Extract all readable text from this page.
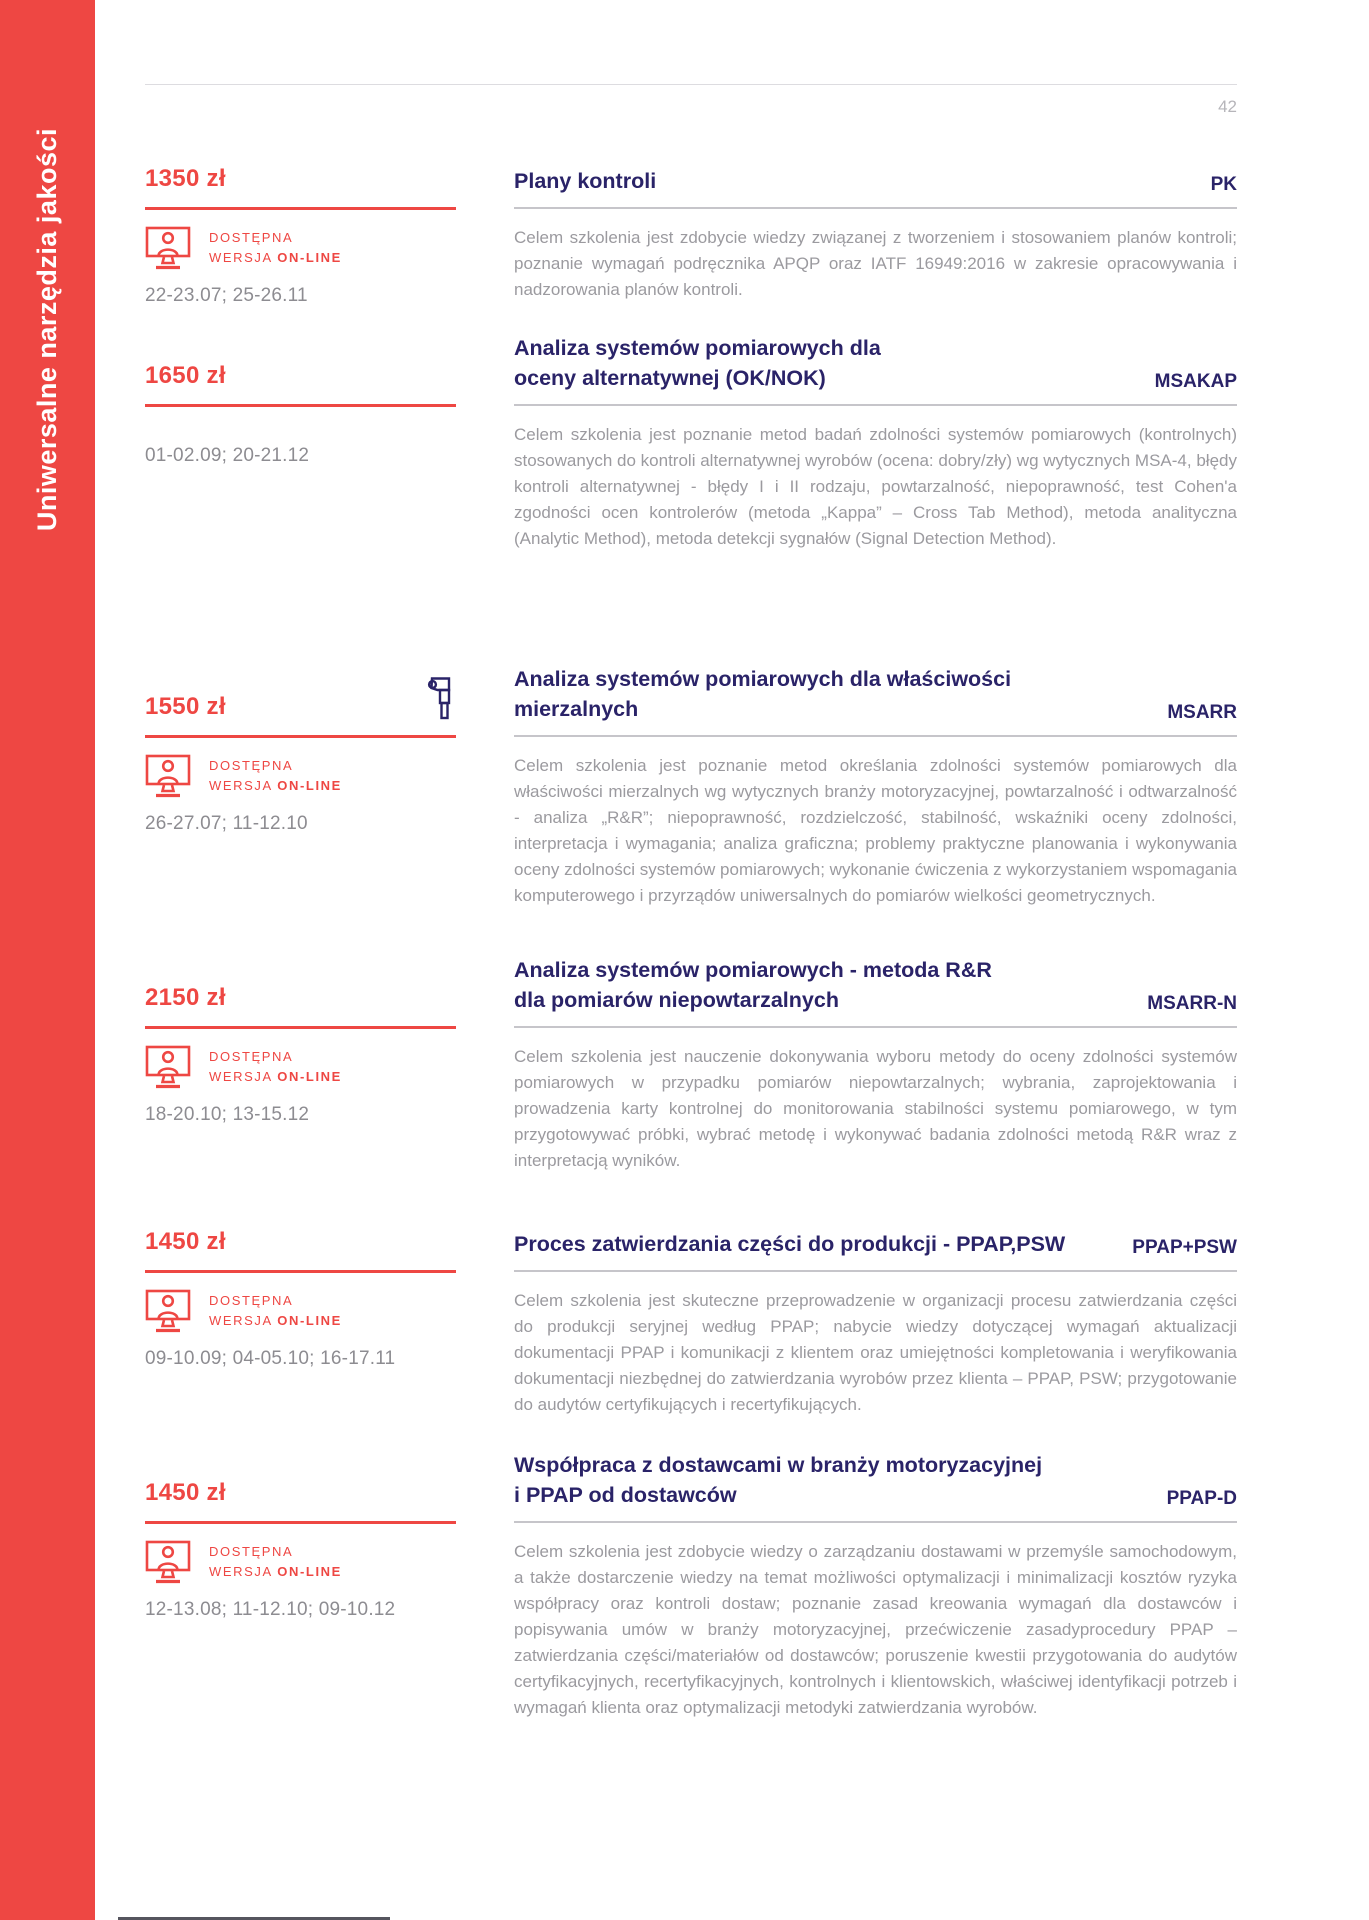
Uniwersalne narzędzia jakości
42
1350 zł	Plany kontroli	PK
DOSTĘPNA
WERSJA ON-LINE
22-23.07; 25-26.11

Celem szkolenia jest zdobycie wiedzy związanej z tworzeniem i stosowaniem planów kontroli; poznanie wymagań podręcznika APQP oraz IATF 16949:2016 w zakresie opracowywania i nadzorowania planów kontroli.

1650 zł
Analiza systemów pomiarowych dla
oceny alternatywnej (OK/NOK)	MSAKAP
01-02.09; 20-21.12

Celem szkolenia jest poznanie metod badań zdolności systemów pomiarowych (kontrolnych) stosowanych do kontroli alternatywnej wyrobów (ocena: dobry/zły) wg wytycznych MSA-4, błędy kontroli alternatywnej - błędy I i II rodzaju, powtarzalność, niepoprawność, test Cohen'a zgodności ocen kontrolerów (metoda „Kappa” – Cross Tab Method), metoda analityczna (Analytic Method), metoda detekcji sygnałów (Signal Detection Method).

1550 zł
Analiza systemów pomiarowych dla właściwości
mierzalnych	MSARR
DOSTĘPNA
WERSJA ON-LINE
26-27.07; 11-12.10

Celem szkolenia jest poznanie metod określania zdolności systemów pomiarowych dla właściwości mierzalnych wg wytycznych branży motoryzacyjnej, powtarzalność i odtwarzalność - analiza „R&R”; niepoprawność, rozdzielczość, stabilność, wskaźniki oceny zdolności, interpretacja i wymagania; analiza graficzna; problemy praktyczne planowania i wykonywania oceny zdolności systemów pomiarowych; wykonanie ćwiczenia z wykorzystaniem wspomagania komputerowego i przyrządów uniwersalnych do pomiarów wielkości geometrycznych.

2150 zł
Analiza systemów pomiarowych - metoda R&R
dla pomiarów niepowtarzalnych	MSARR-N
DOSTĘPNA
WERSJA ON-LINE
18-20.10; 13-15.12

Celem szkolenia jest nauczenie dokonywania wyboru metody do oceny zdolności systemów pomiarowych w przypadku pomiarów niepowtarzalnych; wybrania, zaprojektowania i prowadzenia karty kontrolnej do monitorowania stabilności systemu pomiarowego, w tym przygotowywać próbki, wybrać metodę i wykonywać badania zdolności metodą R&R wraz z interpretacją wyników.

1450 zł	Proces zatwierdzania części do produkcji - PPAP,PSW	PPAP+PSW
DOSTĘPNA
WERSJA ON-LINE
09-10.09; 04-05.10; 16-17.11

Celem szkolenia jest skuteczne przeprowadzenie w organizacji procesu zatwierdzania części do produkcji seryjnej według PPAP; nabycie wiedzy dotyczącej wymagań aktualizacji dokumentacji PPAP i komunikacji z klientem oraz umiejętności kompletowania i weryfikowania dokumentacji niezbędnej do zatwierdzania wyrobów przez klienta – PPAP, PSW; przygotowanie do audytów certyfikujących i recertyfikujących.

1450 zł
Współpraca z dostawcami w branży motoryzacyjnej
i PPAP od dostawców	PPAP-D
DOSTĘPNA
WERSJA ON-LINE
12-13.08; 11-12.10; 09-10.12

Celem szkolenia jest zdobycie wiedzy o zarządzaniu dostawami w przemyśle samochodowym, a także dostarczenie wiedzy na temat możliwości optymalizacji i minimalizacji kosztów ryzyka współpracy oraz kontroli dostaw; poznanie zasad kreowania wymagań dla dostawców i popisywania umów w branży motoryzacyjnej, przećwiczenie zasadyprocedury PPAP – zatwierdzania części/materiałów od dostawców; poruszenie kwestii przygotowania do audytów certyfikacyjnych, recertyfikacyjnych, kontrolnych i klientowskich, właściwej identyfikacji potrzeb i wymagań klienta oraz optymalizacji metodyki zatwierdzania wyrobów.
